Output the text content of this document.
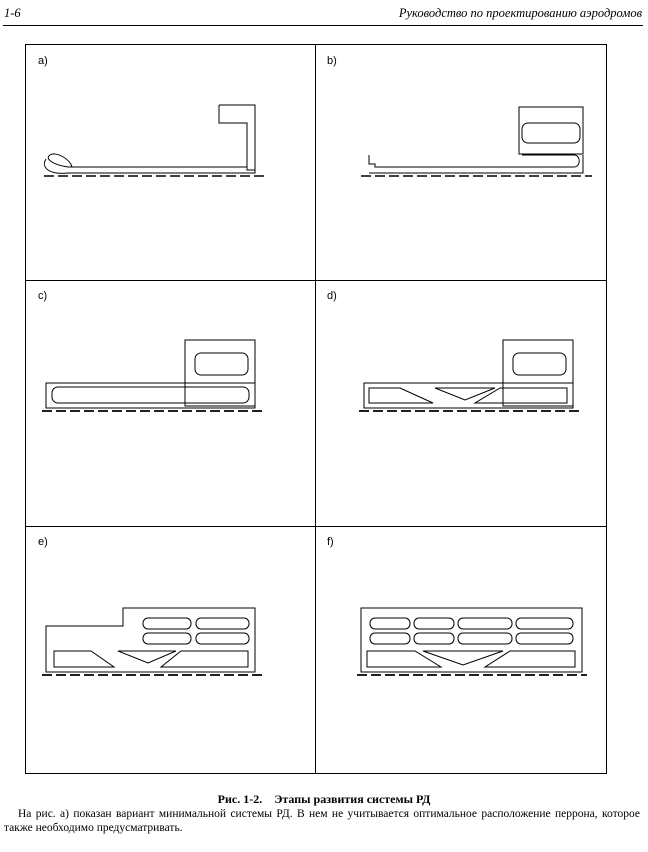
1-6	Руководство по проектированию аэродромов
a)	b)
c)	d)
e)	f)
Рис. 1-2. Этапы развития системы РД
На рис. а) показан вариант минимальной системы РД. В нем не учитывается оптимальное расположение перрона, которое также необходимо предусматривать.
